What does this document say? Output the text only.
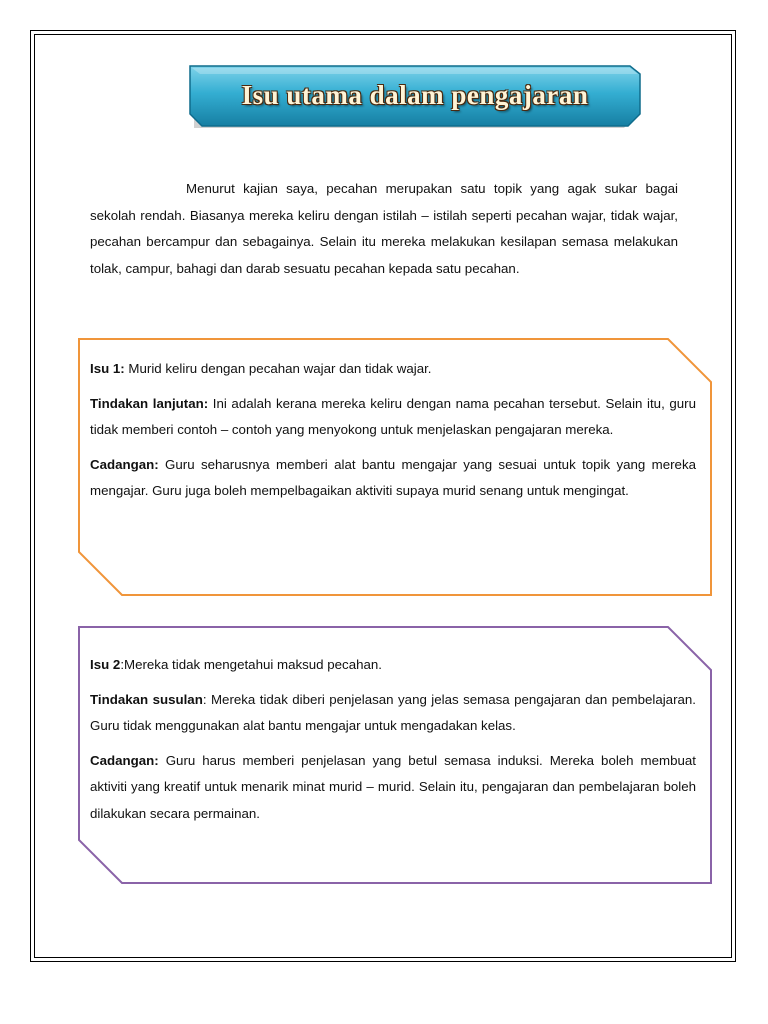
Isu utama dalam pengajaran

Menurut kajian saya, pecahan merupakan satu topik yang agak sukar bagai sekolah rendah. Biasanya mereka keliru dengan istilah – istilah seperti pecahan wajar, tidak wajar, pecahan bercampur dan sebagainya. Selain itu mereka melakukan kesilapan semasa melakukan tolak, campur, bahagi dan darab sesuatu pecahan kepada satu pecahan.

Isu 1: Murid keliru dengan pecahan wajar dan tidak wajar.

Tindakan lanjutan: Ini adalah kerana mereka keliru dengan nama pecahan tersebut. Selain itu, guru tidak memberi contoh – contoh yang menyokong untuk menjelaskan pengajaran mereka.

Cadangan: Guru seharusnya memberi alat bantu mengajar yang sesuai untuk topik yang mereka mengajar. Guru juga boleh mempelbagaikan aktiviti supaya murid senang untuk mengingat.

Isu 2:Mereka tidak mengetahui maksud pecahan.

Tindakan susulan: Mereka tidak diberi penjelasan yang jelas semasa pengajaran dan pembelajaran. Guru tidak menggunakan alat bantu mengajar untuk mengadakan kelas.

Cadangan: Guru harus memberi penjelasan yang betul semasa induksi. Mereka boleh membuat aktiviti yang kreatif untuk menarik minat murid – murid. Selain itu, pengajaran dan pembelajaran boleh dilakukan secara permainan.
